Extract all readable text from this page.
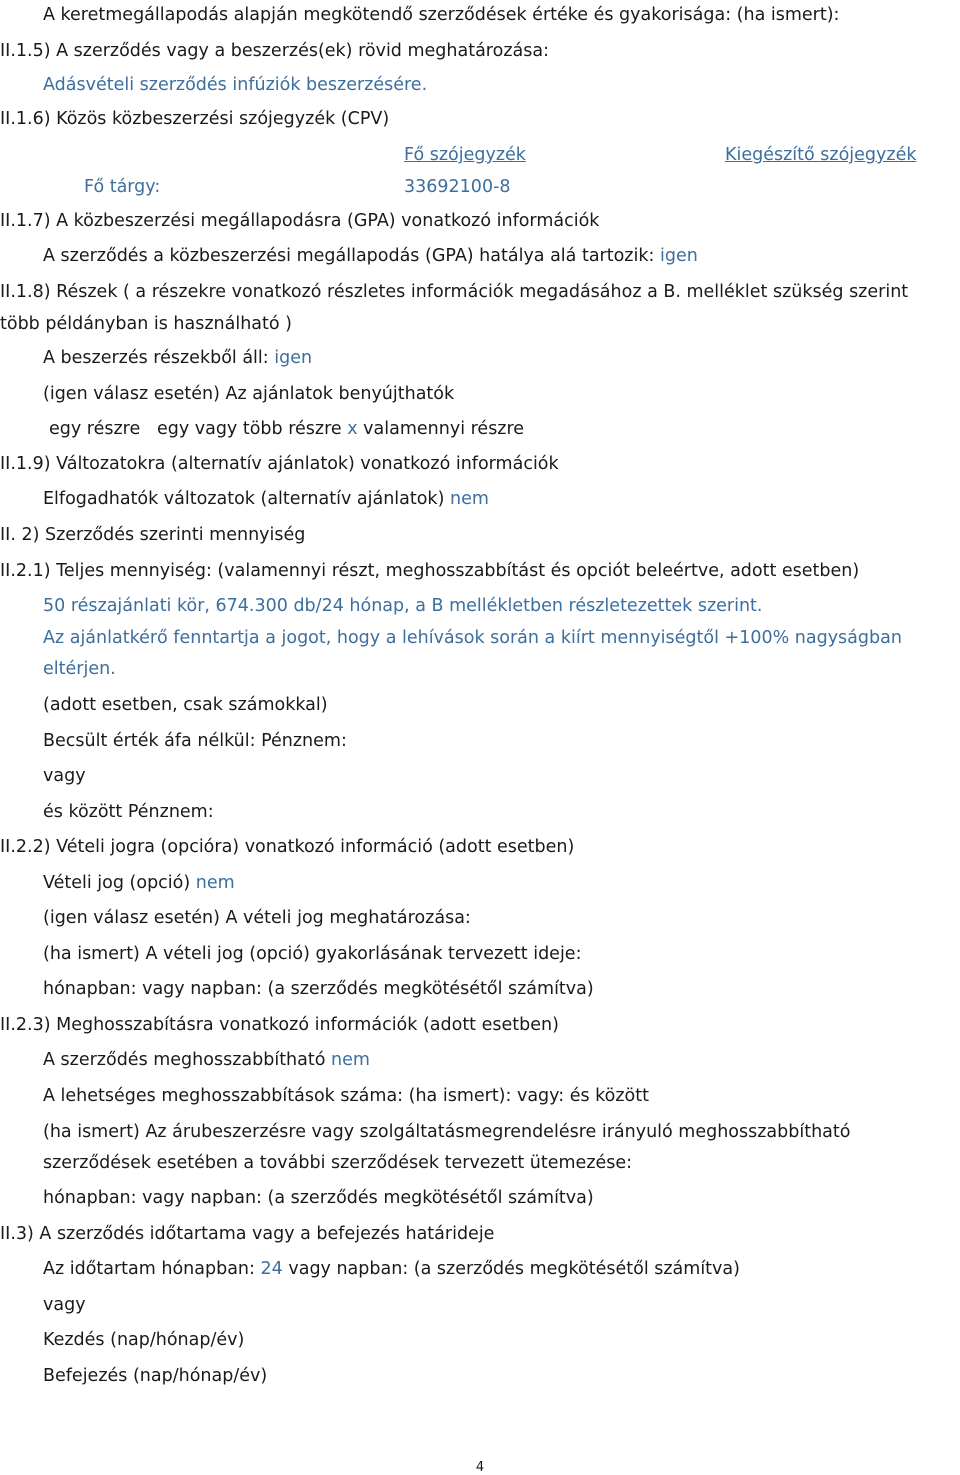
A keretmegállapodás alapján megkötendő szerződések értéke és gyakorisága: (ha ismert):
II.1.5) A szerződés vagy a beszerzés(ek) rövid meghatározása:
Adásvételi szerződés infúziók beszerzésére.
II.1.6) Közös közbeszerzési szójegyzék (CPV)
Fő szójegyzék	Kiegészítő szójegyzék
Fő tárgy:	33692100-8
II.1.7) A közbeszerzési megállapodásra (GPA) vonatkozó információk
A szerződés a közbeszerzési megállapodás (GPA) hatálya alá tartozik: igen
II.1.8) Részek ( a részekre vonatkozó részletes információk megadásához a B. melléklet szükség szerint
több példányban is használható )
A beszerzés részekből áll: igen
(igen válasz esetén) Az ajánlatok benyújthatók
egy részre   egy vagy több részre x valamennyi részre
II.1.9) Változatokra (alternatív ajánlatok) vonatkozó információk
Elfogadhatók változatok (alternatív ajánlatok) nem
II. 2) Szerződés szerinti mennyiség
II.2.1) Teljes mennyiség: (valamennyi részt, meghosszabbítást és opciót beleértve, adott esetben)
50 részajánlati kör, 674.300 db/24 hónap, a B mellékletben részletezettek szerint.
Az ajánlatkérő fenntartja a jogot, hogy a lehívások során a kiírt mennyiségtől +100% nagyságban
eltérjen.
(adott esetben, csak számokkal)
Becsült érték áfa nélkül: Pénznem:
vagy
és között Pénznem:
II.2.2) Vételi jogra (opcióra) vonatkozó információ (adott esetben)
Vételi jog (opció) nem
(igen válasz esetén) A vételi jog meghatározása:
(ha ismert) A vételi jog (opció) gyakorlásának tervezett ideje:
hónapban: vagy napban: (a szerződés megkötésétől számítva)
II.2.3) Meghosszabításra vonatkozó információk (adott esetben)
A szerződés meghosszabbítható nem
A lehetséges meghosszabbítások száma: (ha ismert): vagy: és között
(ha ismert) Az árubeszerzésre vagy szolgáltatásmegrendelésre irányuló meghosszabbítható
szerződések esetében a további szerződések tervezett ütemezése:
hónapban: vagy napban: (a szerződés megkötésétől számítva)
II.3) A szerződés időtartama vagy a befejezés határideje
Az időtartam hónapban: 24 vagy napban: (a szerződés megkötésétől számítva)
vagy
Kezdés (nap/hónap/év)
Befejezés (nap/hónap/év)
4
